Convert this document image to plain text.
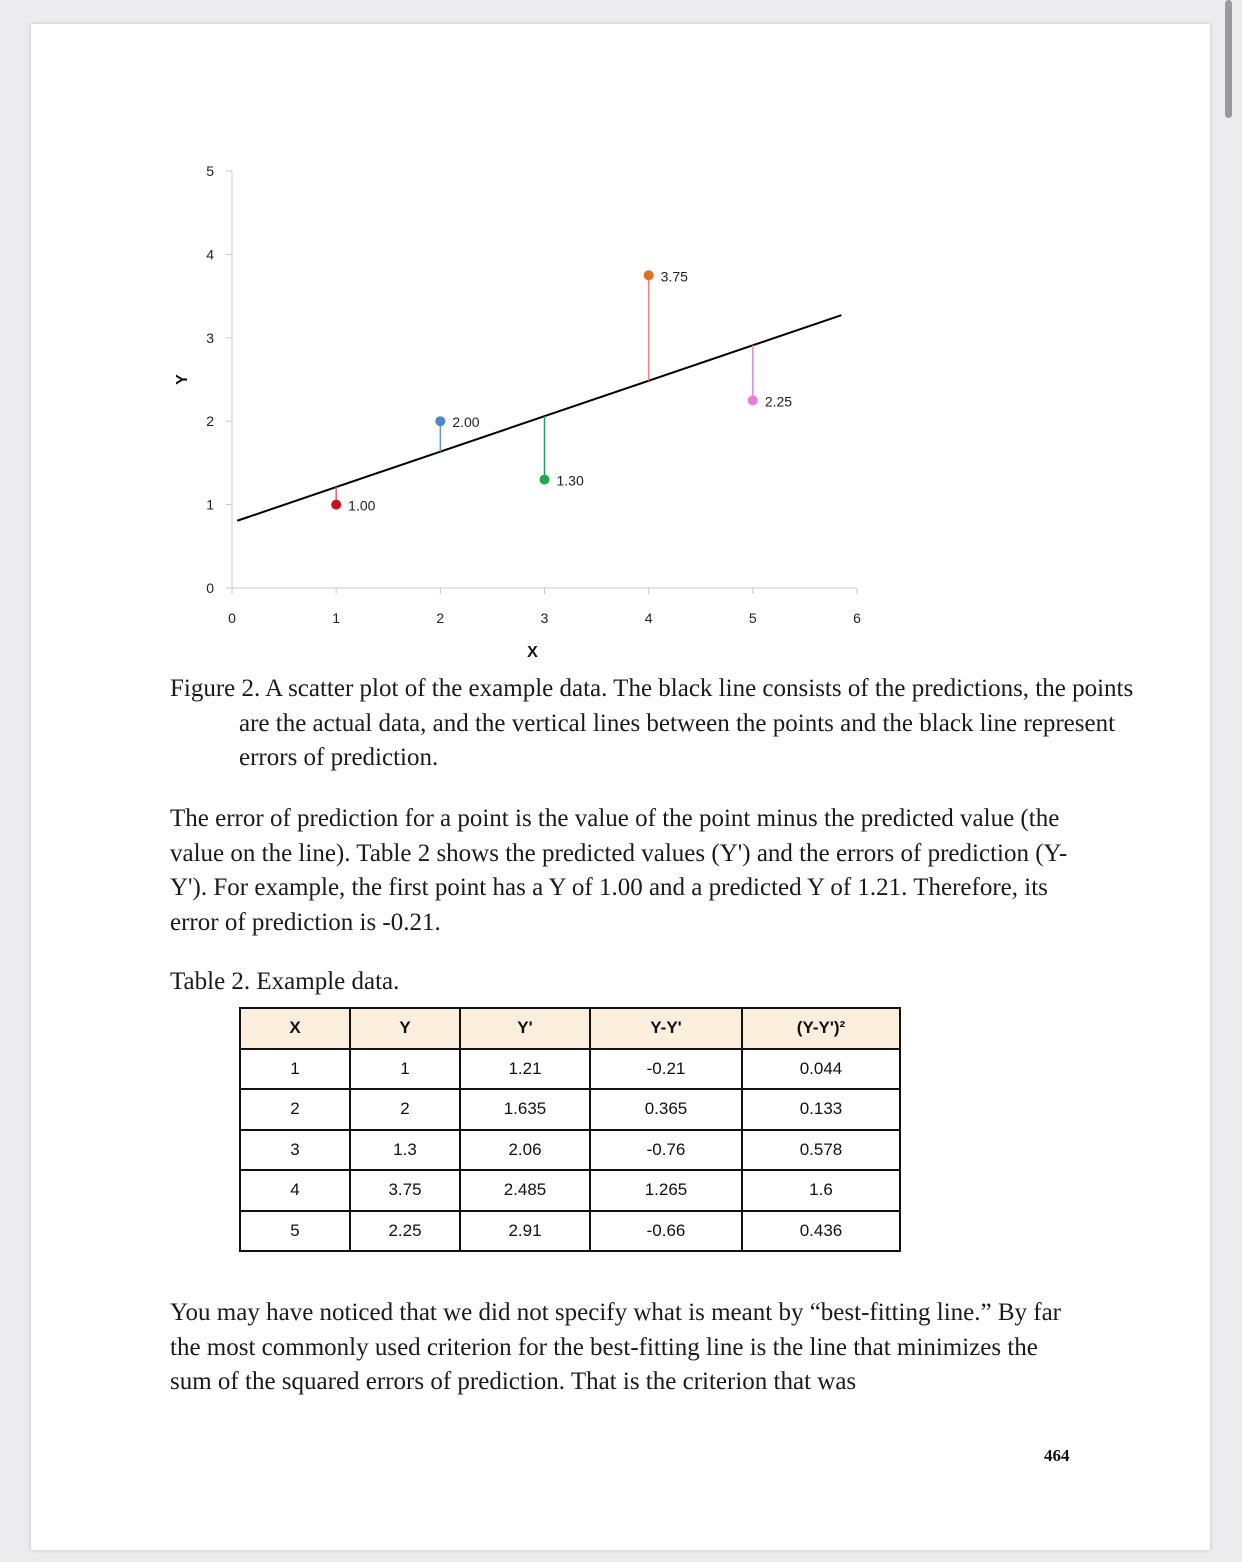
0
1
2
3
4
5
0	1	2	3	4	5	6
X
Y
1.00
2.00
1.30
3.75
2.25
Figure 2. A scatter plot of the example data. The black line consists of the predictions, the points are the actual data, and the vertical lines between the points and the black line represent errors of prediction.
The error of prediction for a point is the value of the point minus the predicted value (the value on the line). Table 2 shows the predicted values (Y') and the errors of prediction (Y-Y'). For example, the first point has a Y of 1.00 and a predicted Y of 1.21. Therefore, its error of prediction is -0.21.
Table 2. Example data.
X	Y	Y'	Y-Y'	(Y-Y')²
1	1	1.21	-0.21	0.044
2	2	1.635	0.365	0.133
3	1.3	2.06	-0.76	0.578
4	3.75	2.485	1.265	1.6
5	2.25	2.91	-0.66	0.436
You may have noticed that we did not specify what is meant by “best-fitting line.” By far the most commonly used criterion for the best-fitting line is the line that minimizes the sum of the squared errors of prediction. That is the criterion that was
464
